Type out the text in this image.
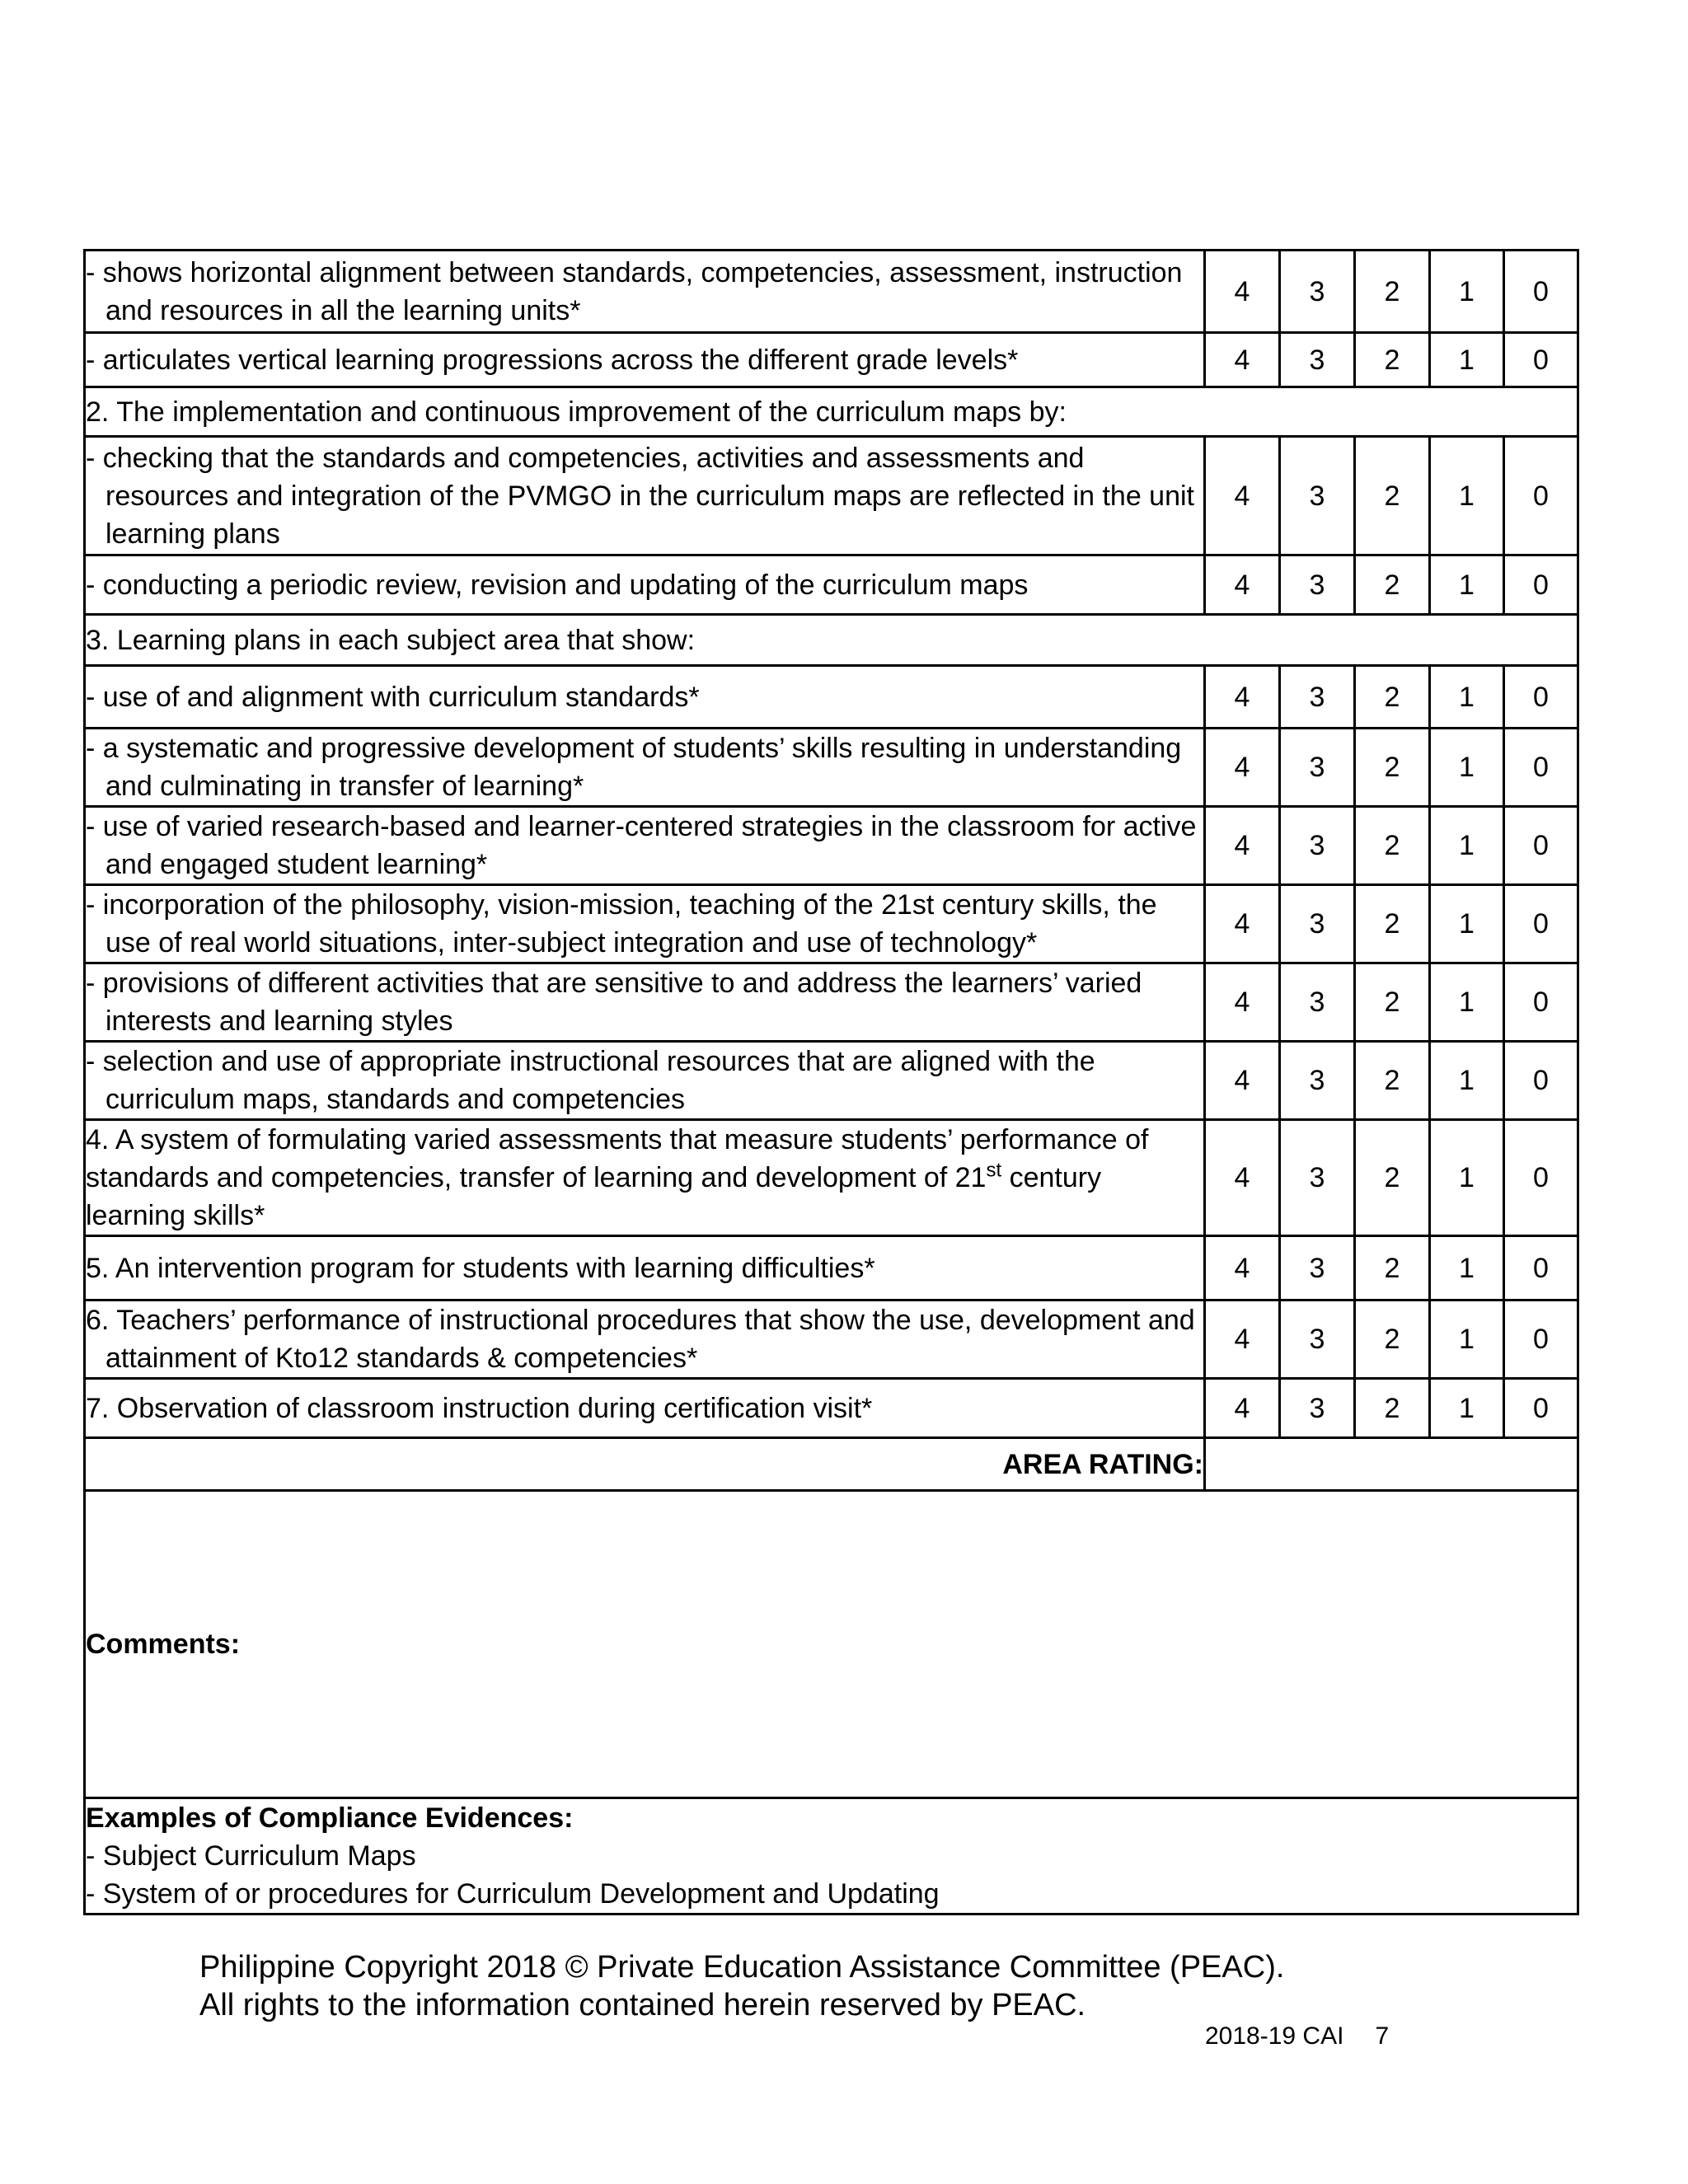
- shows horizontal alignment between standards, competencies, assessment, instruction and resources in all the learning units*	4	3	2	1	0

- articulates vertical learning progressions across the different grade levels*	4	3	2	1	0
2. The implementation and continuous improvement of the curriculum maps by:					

- checking that the standards and competencies, activities and assessments and resources and integration of the PVMGO in the curriculum maps are reflected in the unit learning plans	4	3	2	1	0

- conducting a periodic review, revision and updating of the curriculum maps	4	3	2	1	0
3. Learning plans in each subject area that show:					

- use of and alignment with curriculum standards*	4	3	2	1	0

- a systematic and progressive development of students’ skills resulting in understanding and culminating in transfer of learning*	4	3	2	1	0

- use of varied research-based and learner-centered strategies in the classroom for active and engaged student learning*	4	3	2	1	0

- incorporation of the philosophy, vision-mission, teaching of the 21st century skills, the use of real world situations, inter-subject integration and use of technology*	4	3	2	1	0

- provisions of different activities that are sensitive to and address the learners’ varied interests and learning styles	4	3	2	1	0

- selection and use of appropriate instructional resources that are aligned with the curriculum maps, standards and competencies	4	3	2	1	0
4. A system of formulating varied assessments that measure students’ performance of standards and competencies, transfer of learning and development of 21st century learning skills*	4	3	2	1	0

5. An intervention program for students with learning difficulties*	4	3	2	1	0

6. Teachers’ performance of instructional procedures that show the use, development and attainment of Kto12 standards & competencies*	4	3	2	1	0

7. Observation of classroom instruction during certification visit*	4	3	2	1	0
AREA RATING:					
Comments:					

Examples of Compliance Evidences:
- Subject Curriculum Maps
- System of or procedures for Curriculum Development and Updating					
Philippine Copyright 2018 © Private Education Assistance Committee (PEAC).
All rights to the information contained herein reserved by PEAC.
2018-19 CAI 7
